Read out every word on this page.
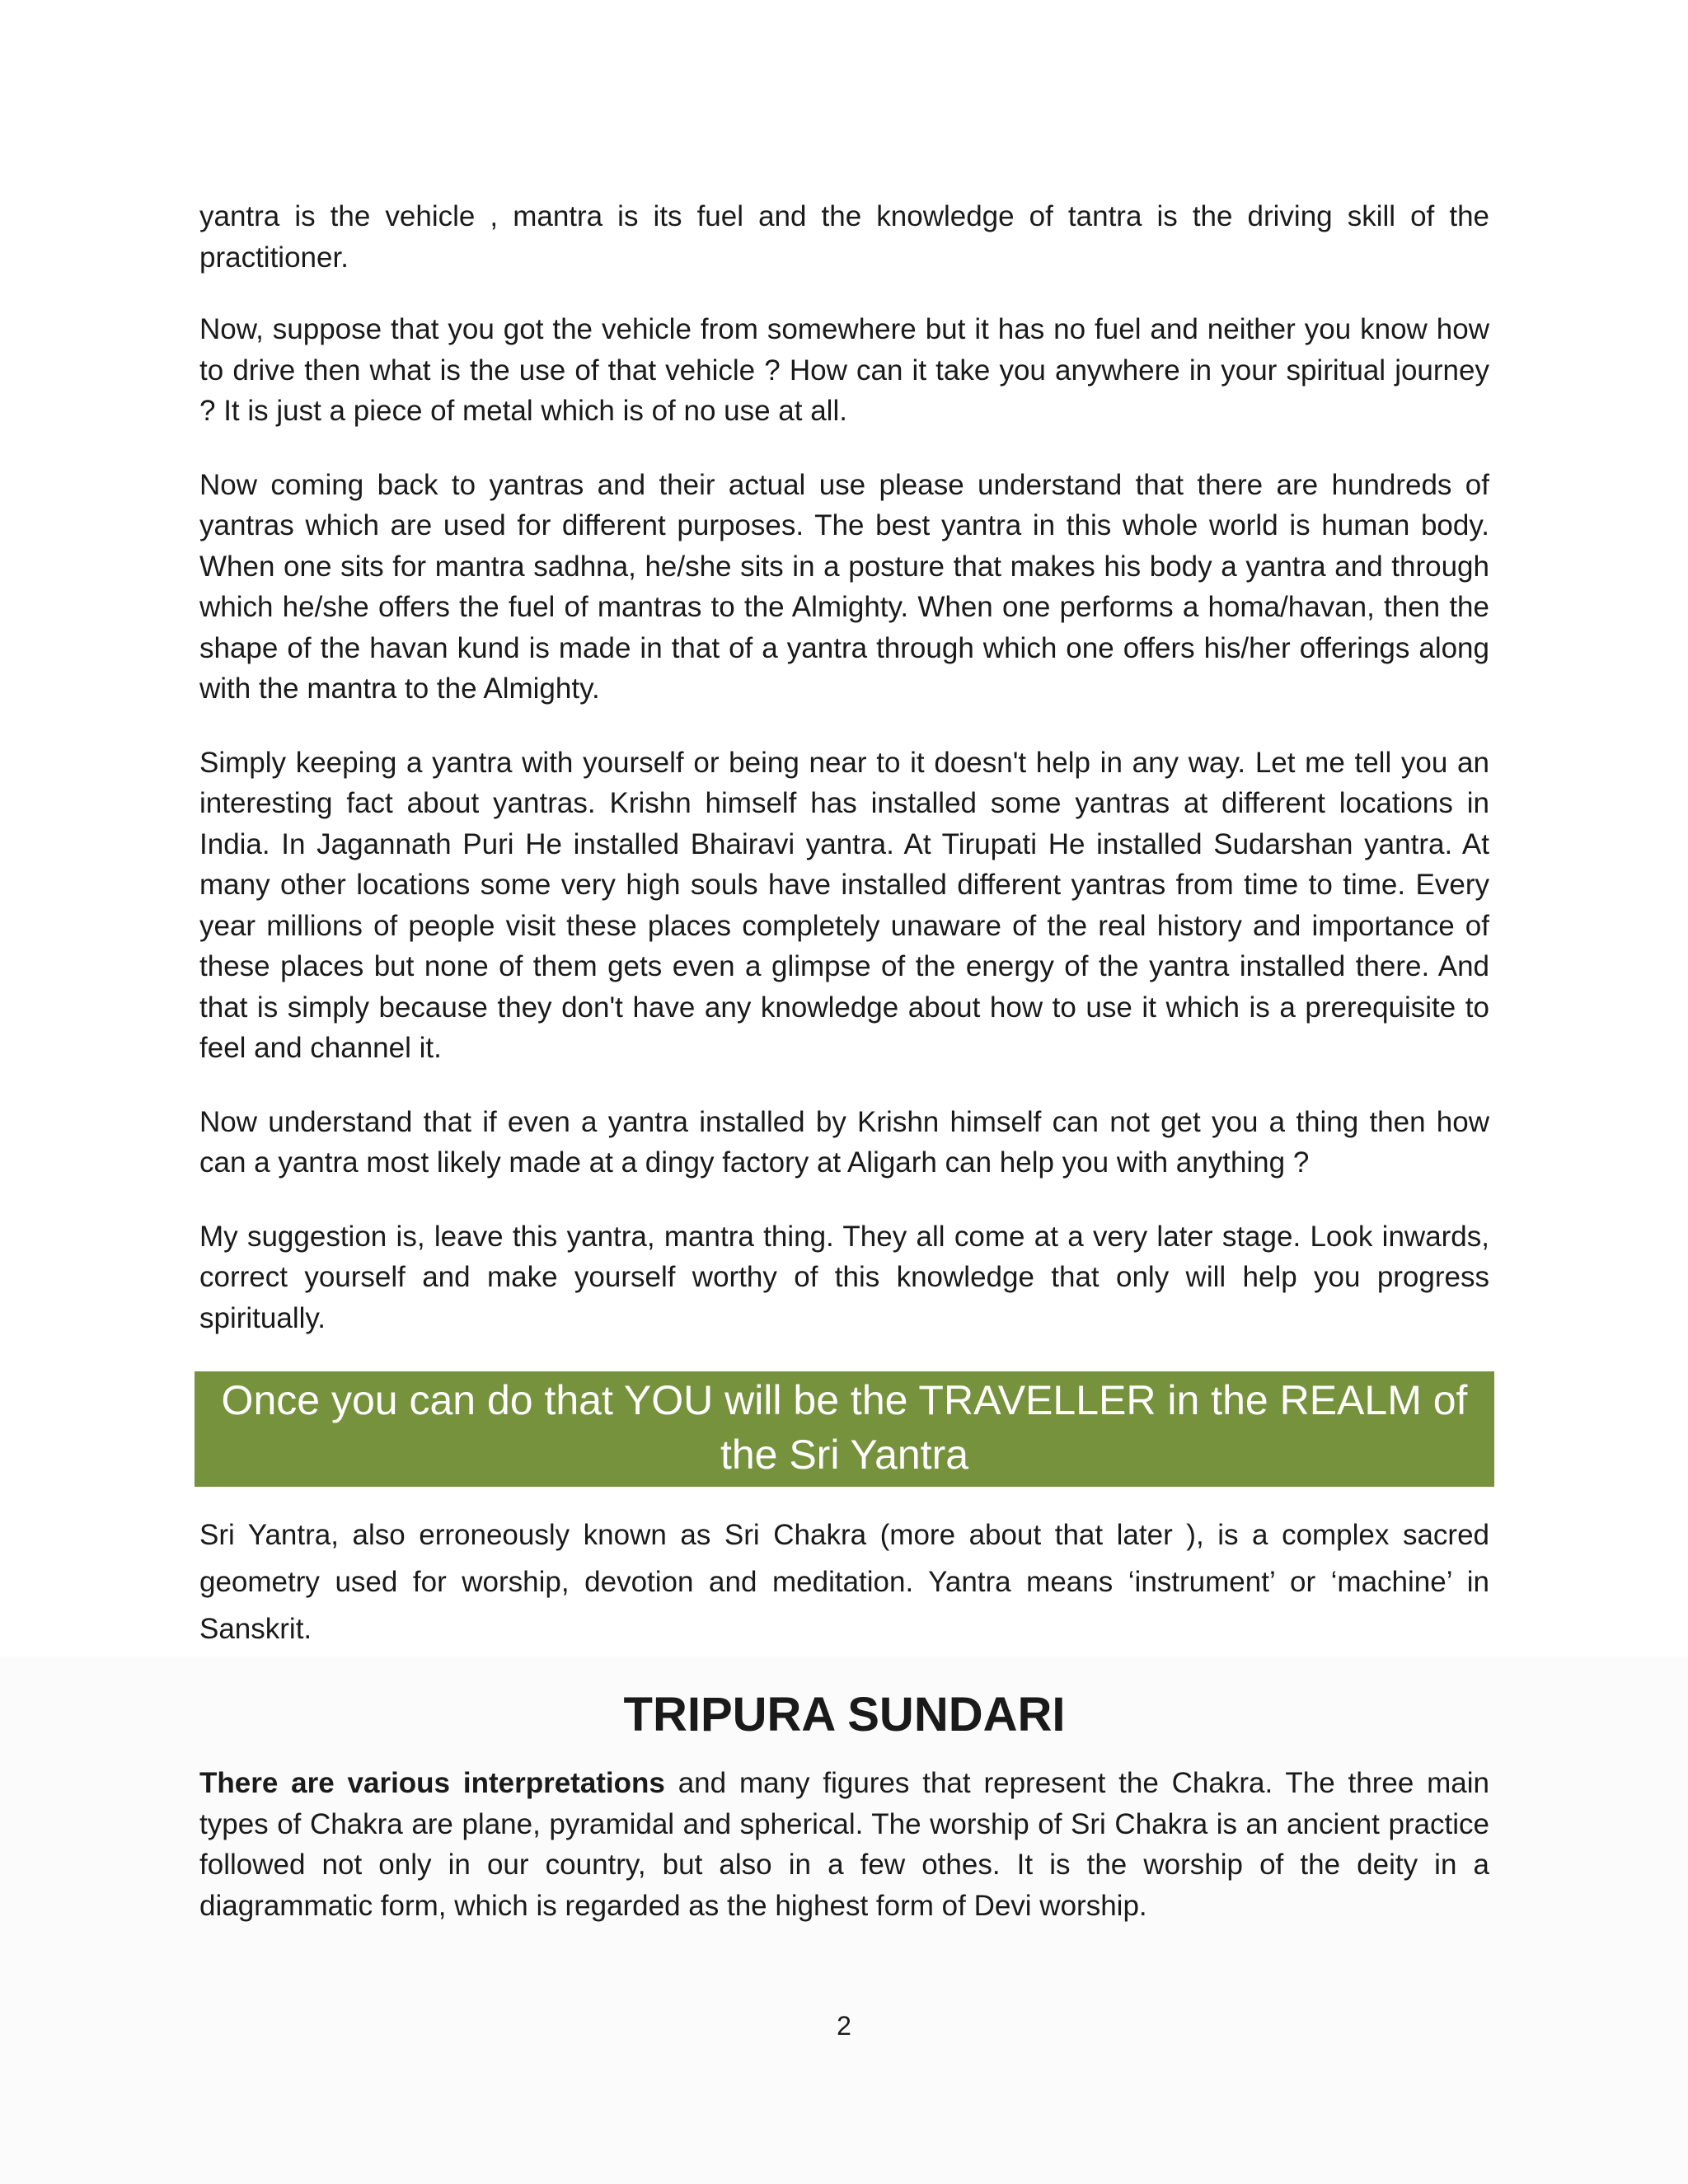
yantra is the vehicle , mantra is its fuel and the knowledge of tantra is the driving skill of the practitioner.

Now, suppose that you got the vehicle from somewhere but it has no fuel and neither you know how to drive then what is the use of that vehicle ? How can it take you anywhere in your spiritual journey ? It is just a piece of metal which is of no use at all.

Now coming back to yantras and their actual use please understand that there are hundreds of yantras which are used for different purposes. The best yantra in this whole world is human body. When one sits for mantra sadhna, he/she sits in a posture that makes his body a yantra and through which he/she offers the fuel of mantras to the Almighty. When one performs a homa/havan, then the shape of the havan kund is made in that of a yantra through which one offers his/her offerings along with the mantra to the Almighty.

Simply keeping a yantra with yourself or being near to it doesn't help in any way. Let me tell you an interesting fact about yantras. Krishn himself has installed some yantras at different locations in India. In Jagannath Puri He installed Bhairavi yantra. At Tirupati He installed Sudarshan yantra. At many other locations some very high souls have installed different yantras from time to time. Every year millions of people visit these places completely unaware of the real history and importance of these places but none of them gets even a glimpse of the energy of the yantra installed there. And that is simply because they don't have any knowledge about how to use it which is a prerequisite to feel and channel it.

Now understand that if even a yantra installed by Krishn himself can not get you a thing then how can a yantra most likely made at a dingy factory at Aligarh can help you with anything ?

My suggestion is, leave this yantra, mantra thing. They all come at a very later stage. Look inwards, correct yourself and make yourself worthy of this knowledge that only will help you progress spiritually.

Once you can do that YOU will be the TRAVELLER in the REALM of the Sri Yantra

Sri Yantra, also erroneously known as Sri Chakra (more about that later ), is a complex sacred geometry used for worship, devotion and meditation. Yantra means ‘instrument’ or ‘machine’ in Sanskrit.

TRIPURA SUNDARI

There are various interpretations and many figures that represent the Chakra. The three main types of Chakra are plane, pyramidal and spherical. The worship of Sri Chakra is an ancient practice followed not only in our country, but also in a few othes. It is the worship of the deity in a diagrammatic form, which is regarded as the highest form of Devi worship.

2
